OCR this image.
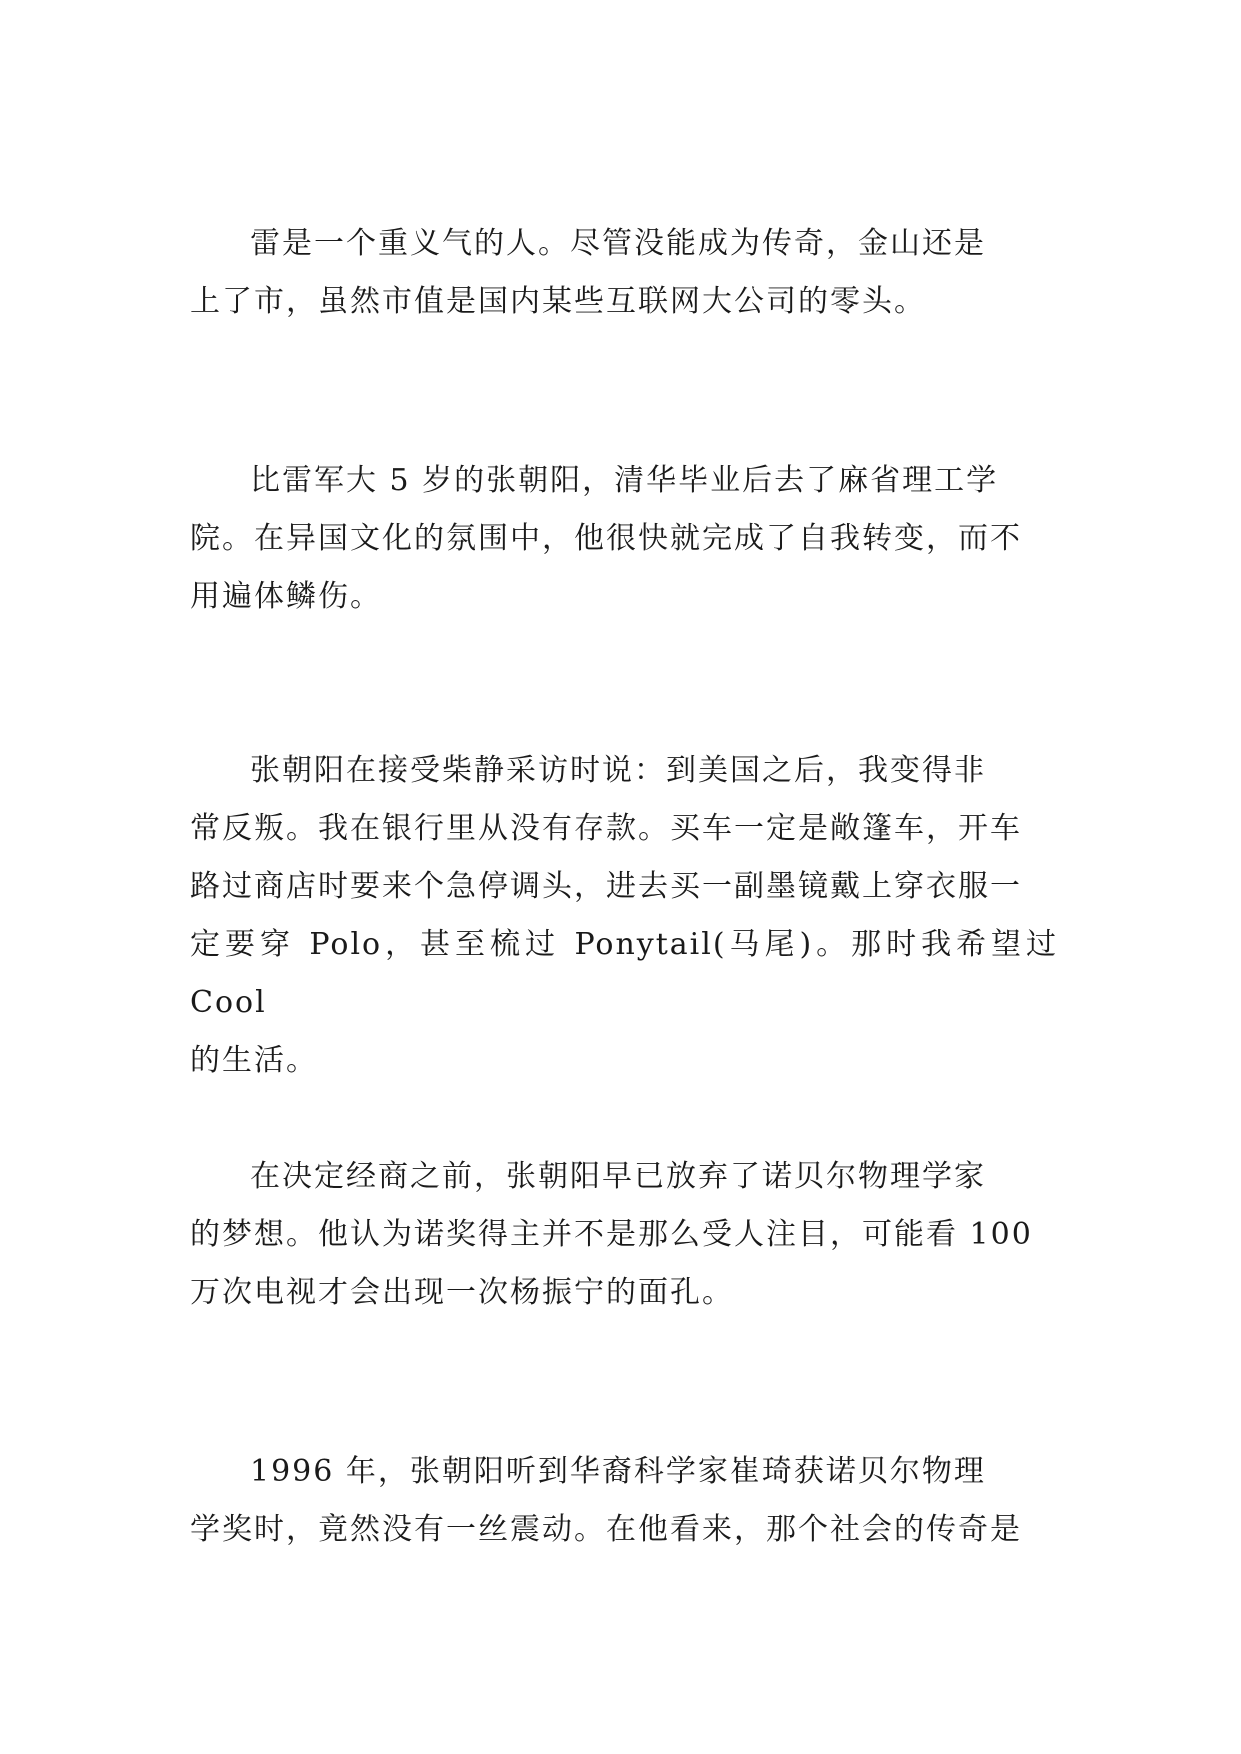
雷是一个重义气的人。尽管没能成为传奇，金山还是
上了市，虽然市值是国内某些互联网大公司的零头。

比雷军大 5 岁的张朝阳，清华毕业后去了麻省理工学
院。在异国文化的氛围中，他很快就完成了自我转变，而不
用遍体鳞伤。

张朝阳在接受柴静采访时说：到美国之后，我变得非
常反叛。我在银行里从没有存款。买车一定是敞篷车，开车
路过商店时要来个急停调头，进去买一副墨镜戴上穿衣服一
定要穿 Polo，甚至梳过 Ponytail(马尾)。那时我希望过 Cool
的生活。

在决定经商之前，张朝阳早已放弃了诺贝尔物理学家
的梦想。他认为诺奖得主并不是那么受人注目，可能看 100
万次电视才会出现一次杨振宁的面孔。

1996 年，张朝阳听到华裔科学家崔琦获诺贝尔物理
学奖时，竟然没有一丝震动。在他看来，那个社会的传奇是
